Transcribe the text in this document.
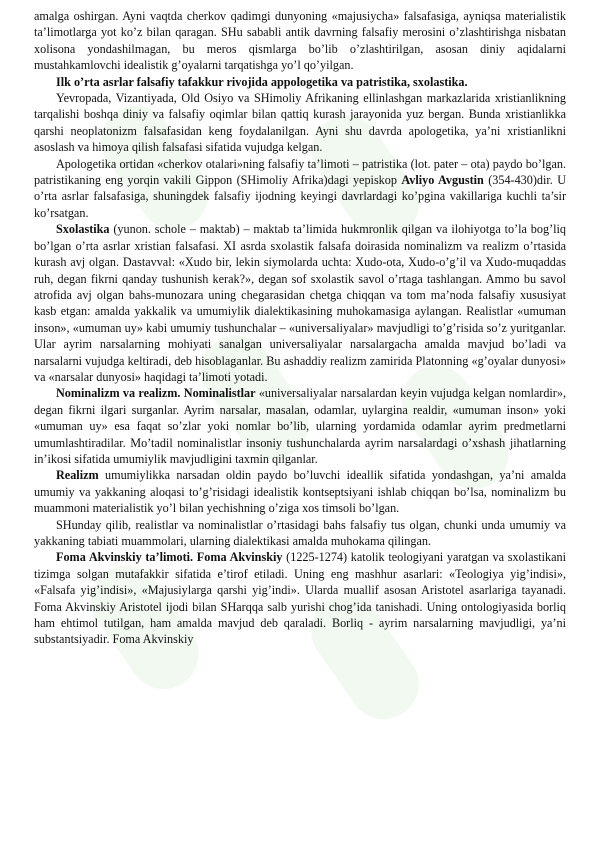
amalga oshirgan. Ayni vaqtda cherkov qadimgi dunyoning «majusiycha» falsafasiga, ayniqsa materialistik ta’limotlarga yot ko’z bilan qaragan. SHu sababli antik davrning falsafiy merosini o’zlashtirishga nisbatan xolisona yondashilmagan, bu meros qismlarga bo’lib o’zlashtirilgan, asosan diniy aqidalarni mustahkamlovchi idealistik g’oyalarni tarqatishga yo’l qo’yilgan.

Ilk o’rta asrlar falsafiy tafakkur rivojida appologetika va patristika, sxolastika.

Yevropada, Vizantiyada, Old Osiyo va SHimoliy Afrikaning ellinlashgan markazlarida xristianlikning tarqalishi boshqa diniy va falsafiy oqimlar bilan qattiq kurash jarayonida yuz bergan. Bunda xristianlikka qarshi neoplatonizm falsafasidan keng foydalanilgan. Ayni shu davrda apologetika, ya’ni xristianlikni asoslash va himoya qilish falsafasi sifatida vujudga kelgan.

Apologetika ortidan «cherkov otalari»ning falsafiy ta’limoti – patristika (lot. pater – ota) paydo bo’lgan. patristikaning eng yorqin vakili Gippon (SHimoliy Afrika)dagi yepiskop Avliyo Avgustin (354-430)dir. U o’rta asrlar falsafasiga, shuningdek falsafiy ijodning keyingi davrlardagi ko’pgina vakillariga kuchli ta’sir ko’rsatgan.

Sxolastika (yunon. schole – maktab) – maktab ta’limida hukmronlik qilgan va ilohiyotga to’la bog’liq bo’lgan o’rta asrlar xristian falsafasi. XI asrda sxolastik falsafa doirasida nominalizm va realizm o’rtasida kurash avj olgan. Dastavval: «Xudo bir, lekin siymolarda uchta: Xudo-ota, Xudo-o’g’il va Xudo-muqaddas ruh, degan fikrni qanday tushunish kerak?», degan sof sxolastik savol o’rtaga tashlangan. Ammo bu savol atrofida avj olgan bahs-munozara uning chegarasidan chetga chiqqan va tom ma’noda falsafiy xususiyat kasb etgan: amalda yakkalik va umumiylik dialektikasining muhokamasiga aylangan. Realistlar «umuman inson», «umuman uy» kabi umumiy tushunchalar – «universaliyalar» mavjudligi to’g’risida so’z yuritganlar. Ular ayrim narsalarning mohiyati sanalgan universaliyalar narsalargacha amalda mavjud bo’ladi va narsalarni vujudga keltiradi, deb hisoblaganlar. Bu ashaddiy realizm zamirida Platonning «g’oyalar dunyosi» va «narsalar dunyosi» haqidagi ta’limoti yotadi.

Nominalizm va realizm. Nominalistlar «universaliyalar narsalardan keyin vujudga kelgan nomlardir», degan fikrni ilgari surganlar. Ayrim narsalar, masalan, odamlar, uylargina realdir, «umuman inson» yoki «umuman uy» esa faqat so’zlar yoki nomlar bo’lib, ularning yordamida odamlar ayrim predmetlarni umumlashtiradilar. Mo’tadil nominalistlar insoniy tushunchalarda ayrim narsalardagi o’xshash jihatlarning in’ikosi sifatida umumiylik mavjudligini taxmin qilganlar.

Realizm umumiylikka narsadan oldin paydo bo’luvchi ideallik sifatida yondashgan, ya’ni amalda umumiy va yakkaning aloqasi to’g’risidagi idealistik kontseptsiyani ishlab chiqqan bo’lsa, nominalizm bu muammoni materialistik yo’l bilan yechishning o’ziga xos timsoli bo’lgan.

SHunday qilib, realistlar va nominalistlar o’rtasidagi bahs falsafiy tus olgan, chunki unda umumiy va yakkaning tabiati muammolari, ularning dialektikasi amalda muhokama qilingan.

Foma Akvinskiy ta’limoti. Foma Akvinskiy (1225-1274) katolik teologiyani yaratgan va sxolastikani tizimga solgan mutafakkir sifatida e’tirof etiladi. Uning eng mashhur asarlari: «Teologiya yig’indisi», «Falsafa yig’indisi», «Majusiylarga qarshi yig’indi». Ularda muallif asosan Aristotel asarlariga tayanadi. Foma Akvinskiy Aristotel ijodi bilan SHarqqa salb yurishi chog’ida tanishadi. Uning ontologiyasida borliq ham ehtimol tutilgan, ham amalda mavjud deb qaraladi. Borliq - ayrim narsalarning mavjudligi, ya’ni substantsiyadir. Foma Akvinskiy
